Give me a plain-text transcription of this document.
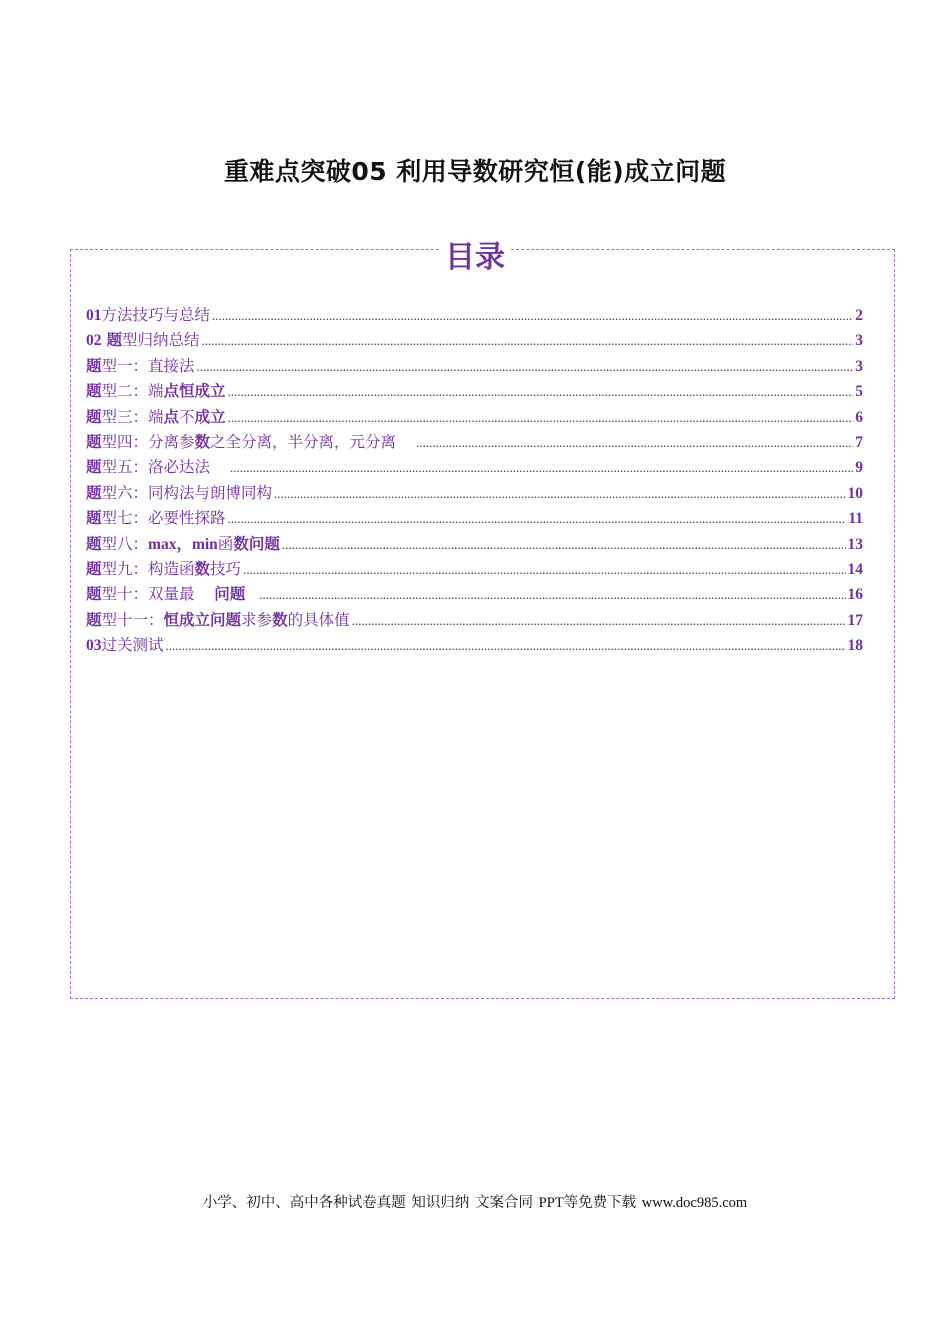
重难点突破05 利用导数研究恒(能)成立问题
目录
01方法技巧与总结 .....	2
02 题型归纳总结 .....	3
题型一：直接法 .....	3
题型二：端点恒成立 .....	5
题型三：端点不成立 .....	6
题型四：分离参数之全分离，半分离，元分离 .....	7
题型五：洛必达法 .....	9
题型六：同构法与朗博同构 .....	10
题型七：必要性探路 .....	11
题型八：max，min函数问题 .....	13
题型九：构造函数技巧 .....	14
题型十：双量最 问题 .....	16
题型十一：恒成立问题求参数的具体值 .....	17
03过关测试 .....	18
小学、初中、高中各种试卷真题 知识归纳 文案合同 PPT等免费下载 www.doc985.com
